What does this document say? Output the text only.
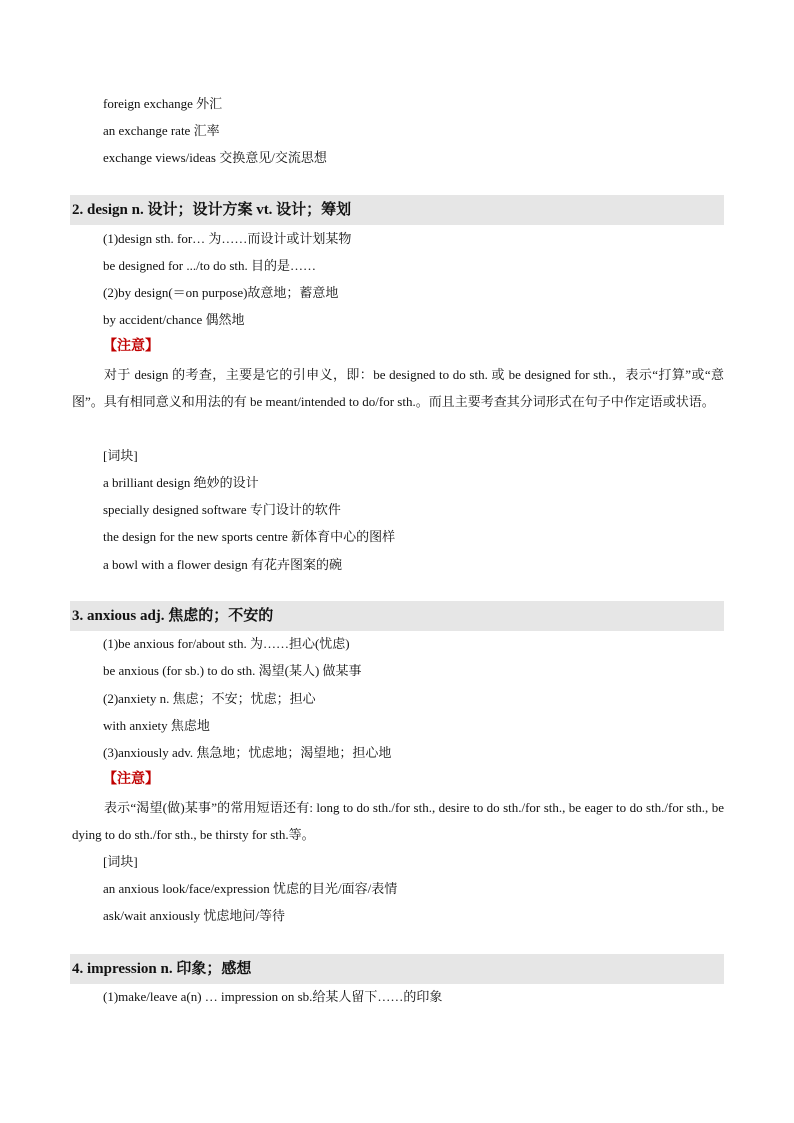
foreign exchange 外汇
an exchange rate 汇率
exchange views/ideas 交换意见/交流思想
2. design n. 设计；设计方案 vt. 设计；筹划
(1)design sth. for… 为……而设计或计划某物
be designed for .../to do sth. 目的是……
(2)by design(＝on purpose)故意地；蓄意地
by accident/chance 偶然地
【注意】
对于 design 的考查，主要是它的引申义，即：be designed to do sth. 或 be designed for sth.，表示“打算”或“意图”。具有相同意义和用法的有 be meant/intended to do/for sth.。而且主要考查其分词形式在句子中作定语或状语。
[词块]
a brilliant design 绝妙的设计
specially designed software 专门设计的软件
the design for the new sports centre 新体育中心的图样
a bowl with a flower design 有花卉图案的碗
3. anxious adj. 焦虑的；不安的
(1)be anxious for/about sth. 为……担心(忧虑)
be anxious (for sb.) to do sth. 渴望(某人) 做某事
(2)anxiety n. 焦虑；不安；忧虑；担心
with anxiety 焦虑地
(3)anxiously adv. 焦急地；忧虑地；渴望地；担心地
【注意】
表示“渴望(做)某事”的常用短语还有: long to do sth./for sth., desire to do sth./for sth., be eager to do sth./for sth., be dying to do sth./for sth., be thirsty for sth.等。
[词块]
an anxious look/face/expression 忧虑的目光/面容/表情
ask/wait anxiously 忧虑地问/等待
4. impression n. 印象；感想
(1)make/leave a(n) … impression on sb.给某人留下……的印象
